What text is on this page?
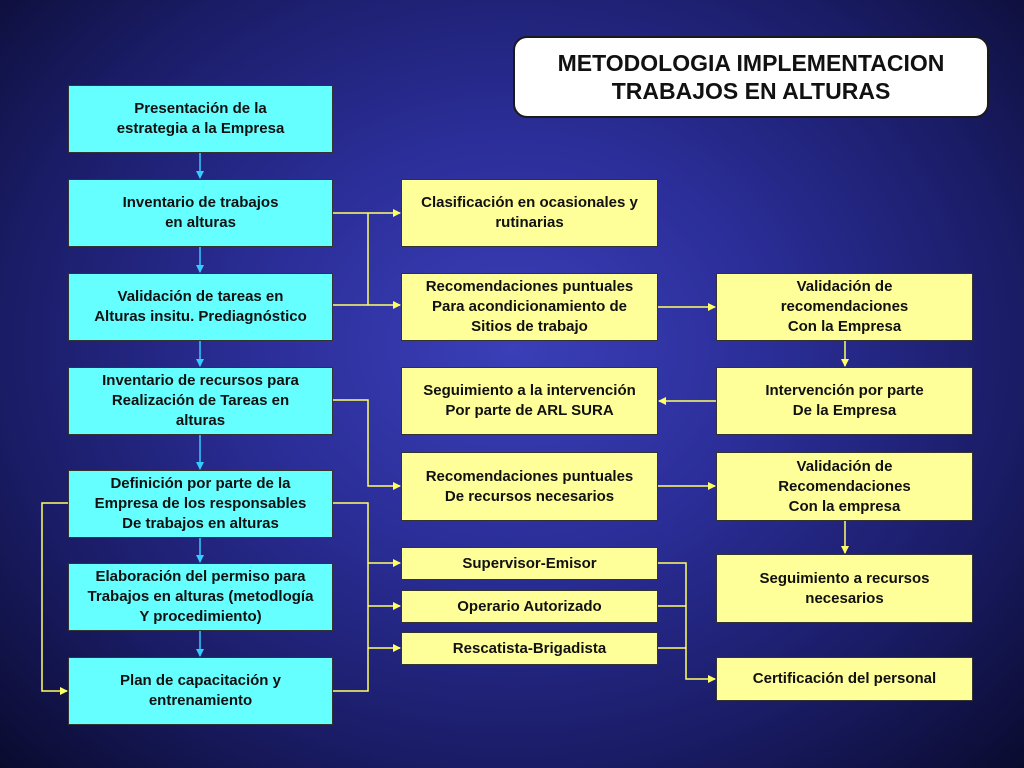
METODOLOGIA IMPLEMENTACION
TRABAJOS EN ALTURAS
Presentación de la
estrategia a la Empresa
Inventario de trabajos
en alturas
Validación de tareas en
Alturas insitu. Prediagnóstico
Inventario de recursos para
Realización de Tareas en
alturas
Definición por parte de la
Empresa de los responsables
De trabajos en alturas
Elaboración del permiso para
Trabajos en alturas (metodlogía
Y procedimiento)
Plan de capacitación y
entrenamiento
Clasificación en ocasionales y
rutinarias
Recomendaciones puntuales
Para acondicionamiento de
Sitios de trabajo
Seguimiento a la intervención
Por parte de ARL SURA
Recomendaciones puntuales
De recursos necesarios
Supervisor-Emisor
Operario Autorizado
Rescatista-Brigadista
Validación de
recomendaciones
Con la Empresa
Intervención por parte
De la Empresa
Validación de
Recomendaciones
Con la empresa
Seguimiento a recursos
necesarios
Certificación del personal
